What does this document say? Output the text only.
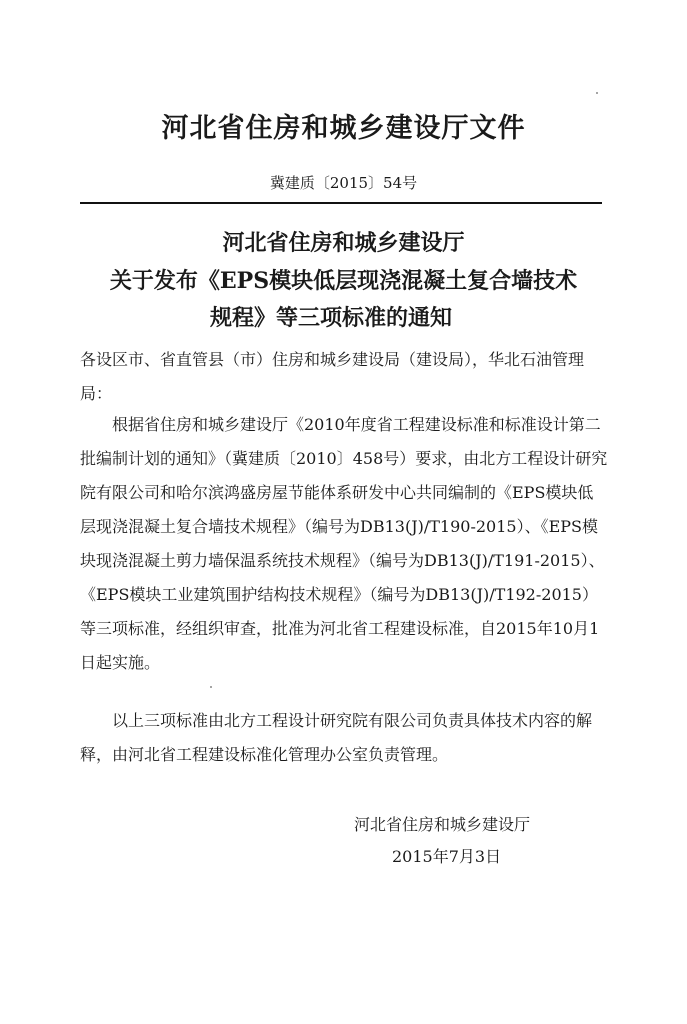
河北省住房和城乡建设厅文件
冀建质〔2015〕54号
河北省住房和城乡建设厅
关于发布《EPS模块低层现浇混凝土复合墙技术
规程》等三项标准的通知
各设区市、省直管县（市）住房和城乡建设局（建设局），华北石油管理局：
根据省住房和城乡建设厅《2010年度省工程建设标准和标准设计第二批编制计划的通知》（冀建质〔2010〕458号）要求，由北方工程设计研究院有限公司和哈尔滨鸿盛房屋节能体系研发中心共同编制的《EPS模块低层现浇混凝土复合墙技术规程》（编号为DB13(J)/T190-2015）、《EPS模块现浇混凝土剪力墙保温系统技术规程》（编号为DB13(J)/T191-2015）、《EPS模块工业建筑围护结构技术规程》（编号为DB13(J)/T192-2015）等三项标准，经组织审查，批准为河北省工程建设标准，自2015年10月1日起实施。
以上三项标准由北方工程设计研究院有限公司负责具体技术内容的解释，由河北省工程建设标准化管理办公室负责管理。
河北省住房和城乡建设厅
2015年7月3日
